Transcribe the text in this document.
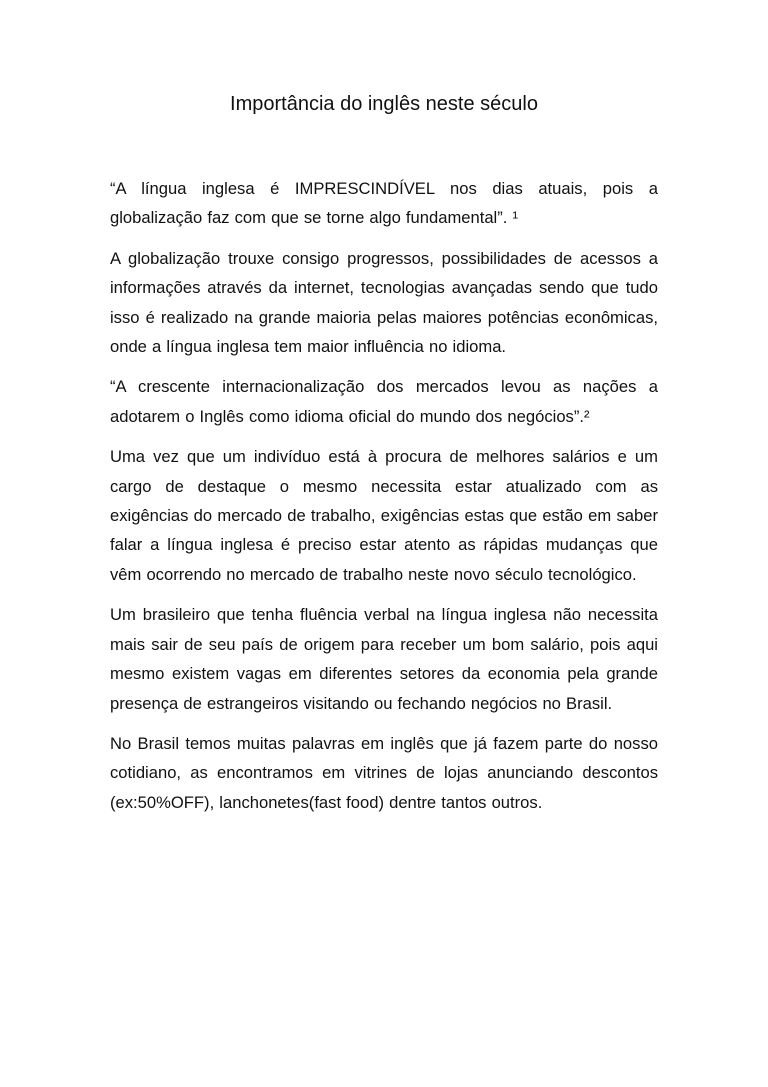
Importância do inglês neste século

“A língua inglesa é IMPRESCINDÍVEL nos dias atuais, pois a globalização faz com que se torne algo fundamental”. ¹

A globalização trouxe consigo progressos, possibilidades de acessos a informações através da internet, tecnologias avançadas sendo que tudo isso é realizado na grande maioria pelas maiores potências econômicas, onde a língua inglesa tem maior influência no idioma.

“A crescente internacionalização dos mercados levou as nações a adotarem o Inglês como idioma oficial do mundo dos negócios”.²

Uma vez que um indivíduo está à procura de melhores salários e um cargo de destaque o mesmo necessita estar atualizado com as exigências do mercado de trabalho, exigências estas que estão em saber falar a língua inglesa é preciso estar atento as rápidas mudanças que vêm ocorrendo no mercado de trabalho neste novo século tecnológico.

Um brasileiro que tenha fluência verbal na língua inglesa não necessita mais sair de seu país de origem para receber um bom salário, pois aqui mesmo existem vagas em diferentes setores da economia pela grande presença de estrangeiros visitando ou fechando negócios no Brasil.

No Brasil temos muitas palavras em inglês que já fazem parte do nosso cotidiano, as encontramos em vitrines de lojas anunciando descontos (ex:50%OFF), lanchonetes(fast food) dentre tantos outros.
